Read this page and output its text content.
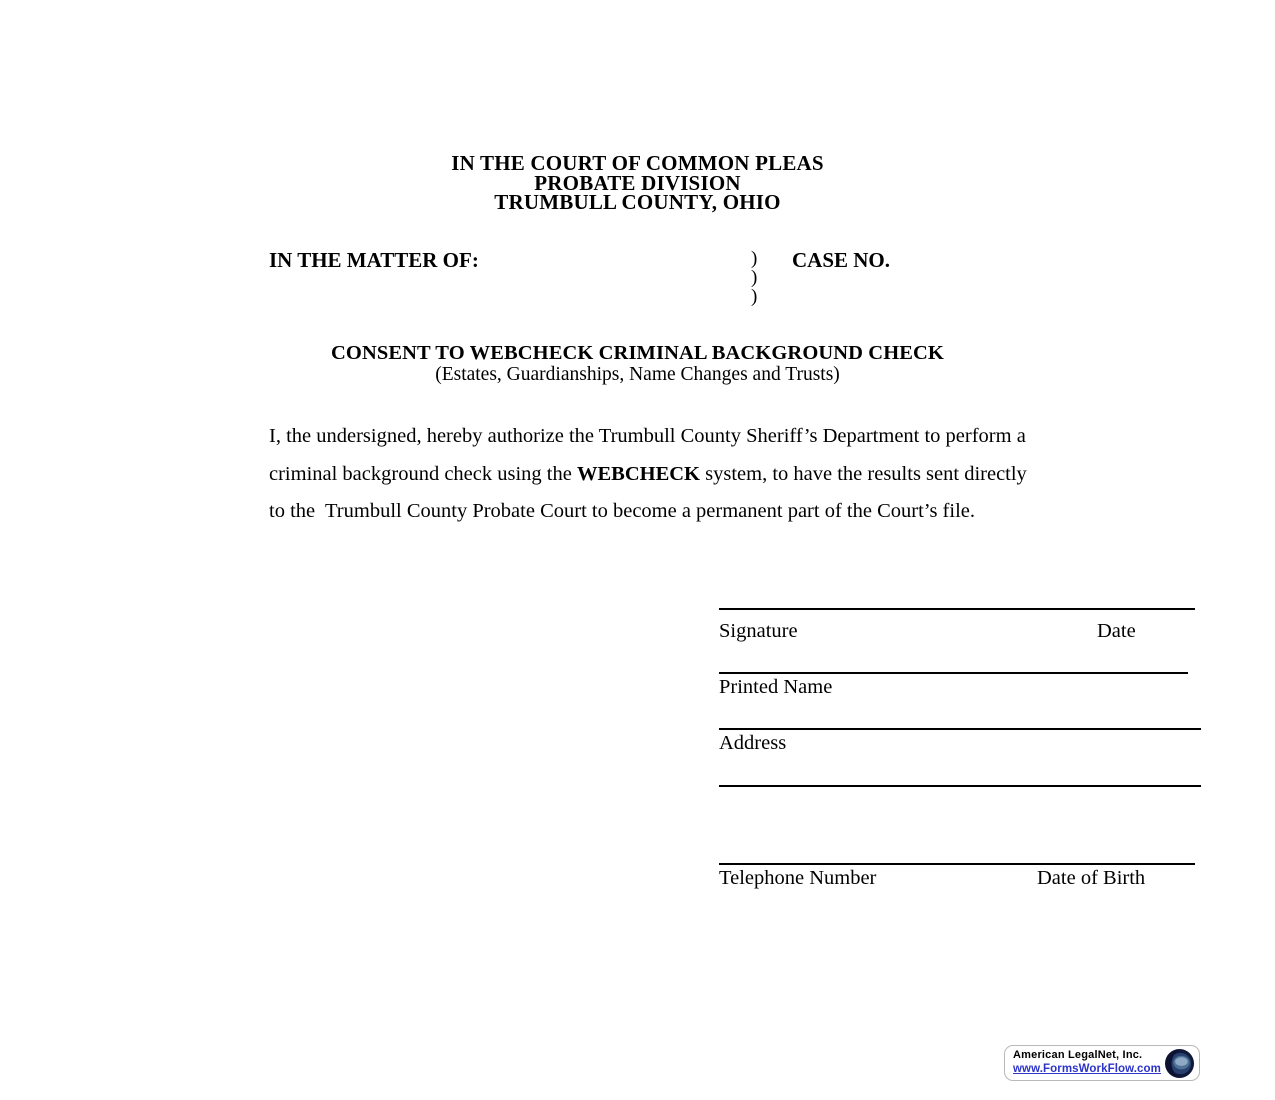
IN THE COURT OF COMMON PLEAS
PROBATE DIVISION
TRUMBULL COUNTY, OHIO
IN THE MATTER OF:	)
)
)
CASE NO.
CONSENT TO WEBCHECK CRIMINAL BACKGROUND CHECK
(Estates, Guardianships, Name Changes and Trusts)
I, the undersigned, hereby authorize the Trumbull County Sheriff’s Department to perform a
criminal background check using the WEBCHECK system, to have the results sent directly
to the  Trumbull County Probate Court to become a permanent part of the Court’s file.
Signature	Date
Printed Name
Address
Telephone Number	Date of Birth
American LegalNet, Inc.
www.FormsWorkFlow.com
